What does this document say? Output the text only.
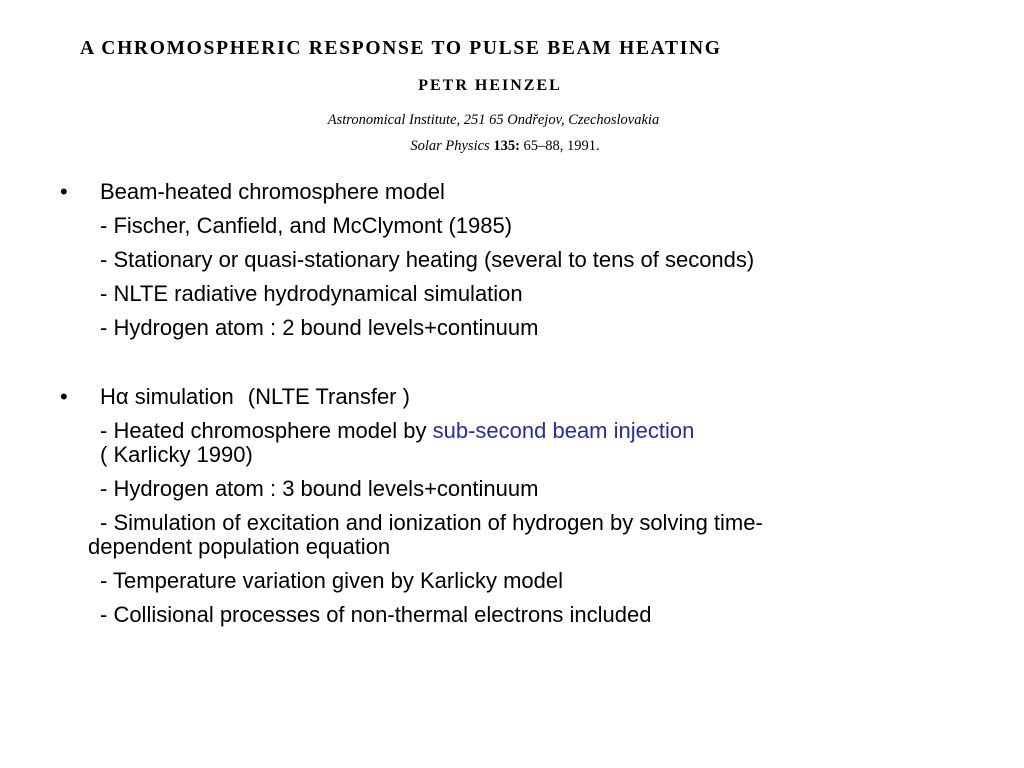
A CHROMOSPHERIC RESPONSE TO PULSE BEAM HEATING
PETR HEINZEL
Astronomical Institute, 251 65 Ondřejov, Czechoslovakia
Solar Physics 135: 65–88, 1991.
• Beam-heated chromosphere model
- Fischer, Canfield, and McClymont (1985)
- Stationary or quasi-stationary heating (several to tens of seconds)
- NLTE radiative hydrodynamical simulation
- Hydrogen atom : 2 bound levels+continuum
• Hα simulation (NLTE Transfer )
- Heated chromosphere model by sub-second beam injection
( Karlicky 1990)
- Hydrogen atom : 3 bound levels+continuum
- Simulation of excitation and ionization of hydrogen by solving time-
dependent population equation
- Temperature variation given by Karlicky model
- Collisional processes of non-thermal electrons included
